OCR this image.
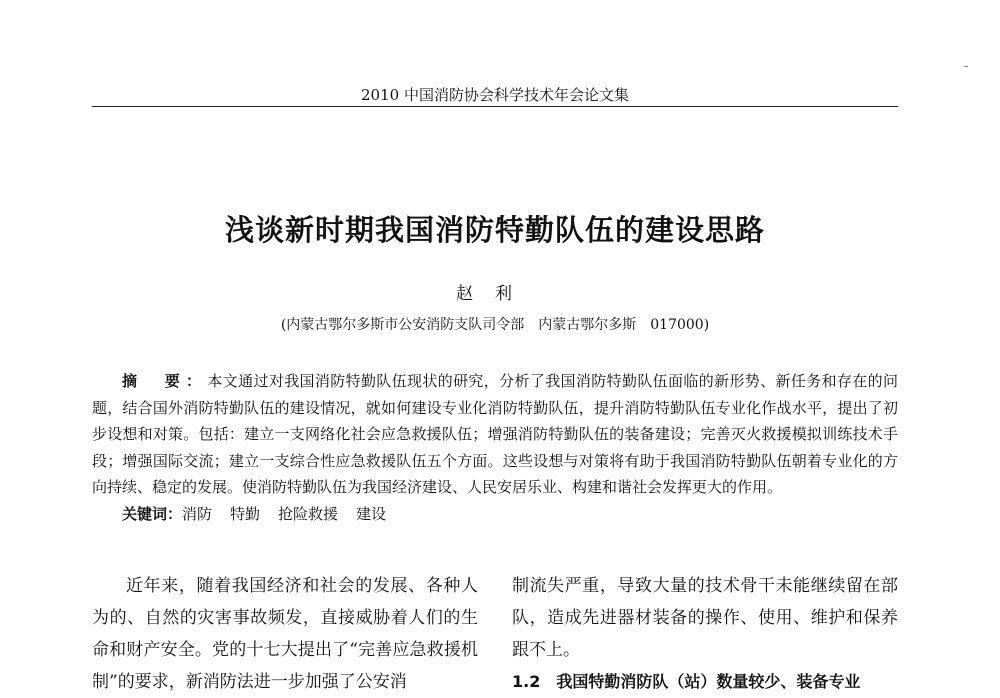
2010 中国消防协会科学技术年会论文集
浅谈新时期我国消防特勤队伍的建设思路
赵利
(内蒙古鄂尔多斯市公安消防支队司令部　内蒙古鄂尔多斯　017000)

摘　要：本文通过对我国消防特勤队伍现状的研究，分析了我国消防特勤队伍面临的新形势、新任务和存在的问题，结合国外消防特勤队伍的建设情况，就如何建设专业化消防特勤队伍，提升消防特勤队伍专业化作战水平，提出了初步设想和对策。包括：建立一支网络化社会应急救援队伍；增强消防特勤队伍的装备建设；完善灭火救援模拟训练技术手段；增强国际交流；建立一支综合性应急救援队伍五个方面。这些设想与对策将有助于我国消防特勤队伍朝着专业化的方向持续、稳定的发展。使消防特勤队伍为我国经济建设、人民安居乐业、构建和谐社会发挥更大的作用。

关键词：消防 特勤 抢险救援 建设

近年来，随着我国经济和社会的发展、各种人为的、自然的灾害事故频发，直接威胁着人们的生命和财产安全。党的十七大提出了“完善应急救援机制”的要求，新消防法进一步加强了公安消

制流失严重，导致大量的技术骨干未能继续留在部队，造成先进器材装备的操作、使用、维护和保养跟不上。

1.2　我国特勤消防队（站）数量较少、装备专业
